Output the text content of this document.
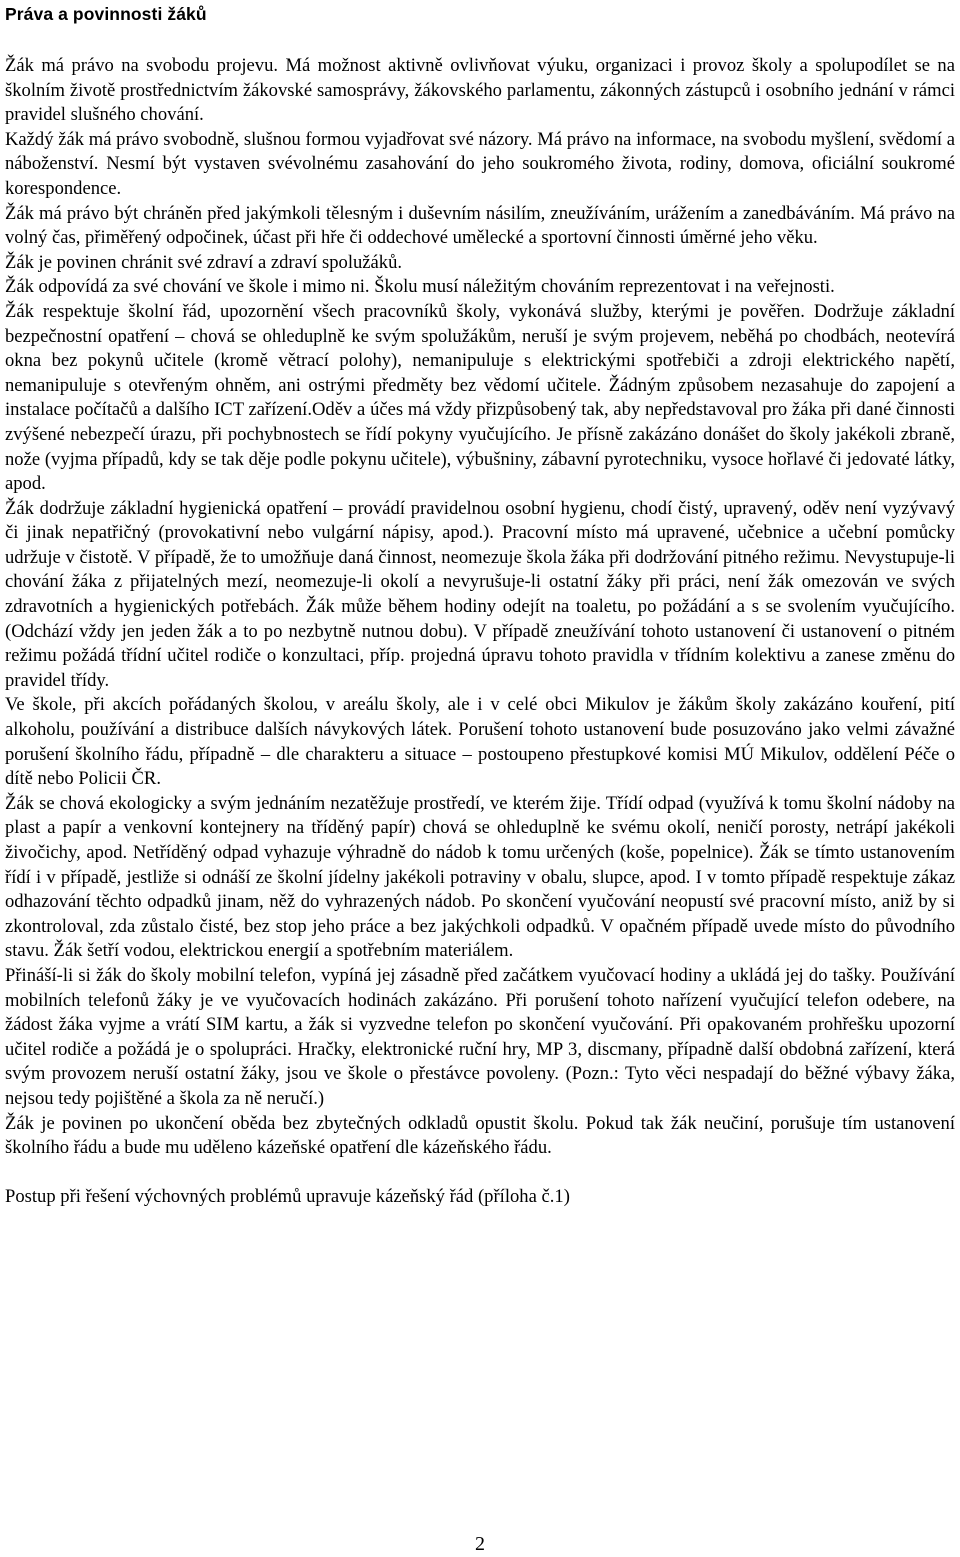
Práva a povinnosti žáků

Žák má právo na svobodu projevu. Má možnost aktivně ovlivňovat výuku, organizaci i provoz školy a spolupodílet se na školním životě prostřednictvím žákovské samosprávy, žákovského parlamentu, zákonných zástupců i osobního jednání v rámci pravidel slušného chování.

Každý žák má právo svobodně, slušnou formou vyjadřovat své názory. Má právo na informace, na svobodu myšlení, svědomí a náboženství. Nesmí být vystaven svévolnému zasahování do jeho soukromého života, rodiny, domova, oficiální soukromé korespondence.

Žák má právo být chráněn před jakýmkoli tělesným i duševním násilím, zneužíváním, urážením a zanedbáváním. Má právo na volný čas, přiměřený odpočinek, účast při hře či oddechové umělecké a sportovní činnosti úměrné jeho věku.

Žák je povinen chránit své zdraví a zdraví spolužáků.

Žák odpovídá za své chování ve škole i mimo ni. Školu musí náležitým chováním reprezentovat i na veřejnosti.

Žák respektuje školní řád, upozornění všech pracovníků školy, vykonává služby, kterými je pověřen. Dodržuje základní bezpečnostní opatření – chová se ohleduplně ke svým spolužákům, neruší je svým projevem, neběhá po chodbách, neotevírá okna bez pokynů učitele (kromě větrací polohy), nemanipuluje s elektrickými spotřebiči a zdroji elektrického napětí, nemanipuluje s otevřeným ohněm, ani ostrými předměty bez vědomí učitele. Žádným způsobem nezasahuje do zapojení a instalace počítačů a dalšího ICT zařízení.Oděv a účes má vždy přizpůsobený tak, aby nepředstavoval pro žáka při dané činnosti zvýšené nebezpečí úrazu, při pochybnostech se řídí pokyny vyučujícího. Je přísně zakázáno donášet do školy jakékoli zbraně, nože (vyjma případů, kdy se tak děje podle pokynu učitele), výbušniny, zábavní pyrotechniku, vysoce hořlavé či jedovaté látky, apod.

Žák dodržuje základní hygienická opatření – provádí pravidelnou osobní hygienu, chodí čistý, upravený, oděv není vyzývavý či jinak nepatřičný (provokativní nebo vulgární nápisy, apod.). Pracovní místo má upravené, učebnice a učební pomůcky udržuje v čistotě. V případě, že to umožňuje daná činnost, neomezuje škola žáka při dodržování pitného režimu. Nevystupuje-li chování žáka z přijatelných mezí, neomezuje-li okolí a nevyrušuje-li ostatní žáky při práci, není žák omezován ve svých zdravotních a hygienických potřebách. Žák může během hodiny odejít na toaletu, po požádání a s se svolením vyučujícího. (Odchází vždy jen jeden žák a to po nezbytně nutnou dobu). V případě zneužívání tohoto ustanovení či ustanovení o pitném režimu požádá třídní učitel rodiče o konzultaci, příp. projedná úpravu tohoto pravidla v třídním kolektivu a zanese změnu do pravidel třídy.

Ve škole, při akcích pořádaných školou, v areálu školy, ale i v celé obci Mikulov je žákům školy zakázáno kouření, pití alkoholu, používání a distribuce dalších návykových látek. Porušení tohoto ustanovení bude posuzováno jako velmi závažné porušení školního řádu, případně – dle charakteru a situace – postoupeno přestupkové komisi MÚ Mikulov, oddělení Péče o dítě nebo Policii ČR.

Žák se chová ekologicky a svým jednáním nezatěžuje prostředí, ve kterém žije. Třídí odpad (využívá k tomu školní nádoby na plast a papír a venkovní kontejnery na tříděný papír) chová se ohleduplně ke svému okolí, neničí porosty, netrápí jakékoli živočichy, apod. Netříděný odpad vyhazuje výhradně do nádob k tomu určených (koše, popelnice). Žák se tímto ustanovením řídí i v případě, jestliže si odnáší ze školní jídelny jakékoli potraviny v obalu, slupce, apod. I v tomto případě respektuje zákaz odhazování těchto odpadků jinam, něž do vyhrazených nádob. Po skončení vyučování neopustí své pracovní místo, aniž by si zkontroloval, zda zůstalo čisté, bez stop jeho práce a bez jakýchkoli odpadků. V opačném případě uvede místo do původního stavu. Žák šetří vodou, elektrickou energií a spotřebním materiálem.

Přináší-li si žák do školy mobilní telefon, vypíná jej zásadně před začátkem vyučovací hodiny a ukládá jej do tašky. Používání mobilních telefonů žáky je ve vyučovacích hodinách zakázáno. Při porušení tohoto nařízení vyučující telefon odebere, na žádost žáka vyjme a vrátí SIM kartu, a žák si vyzvedne telefon po skončení vyučování. Při opakovaném prohřešku upozorní učitel rodiče a požádá je o spolupráci. Hračky, elektronické ruční hry, MP 3, discmany, případně další obdobná zařízení, která svým provozem neruší ostatní žáky, jsou ve škole o přestávce povoleny. (Pozn.: Tyto věci nespadají do běžné výbavy žáka, nejsou tedy pojištěné a škola za ně neručí.)

Žák je povinen po ukončení oběda bez zbytečných odkladů opustit školu. Pokud tak žák neučiní, porušuje tím ustanovení školního řádu a bude mu uděleno kázeňské opatření dle kázeňského řádu.

Postup při řešení výchovných problémů upravuje kázeňský řád (příloha č.1)

2
